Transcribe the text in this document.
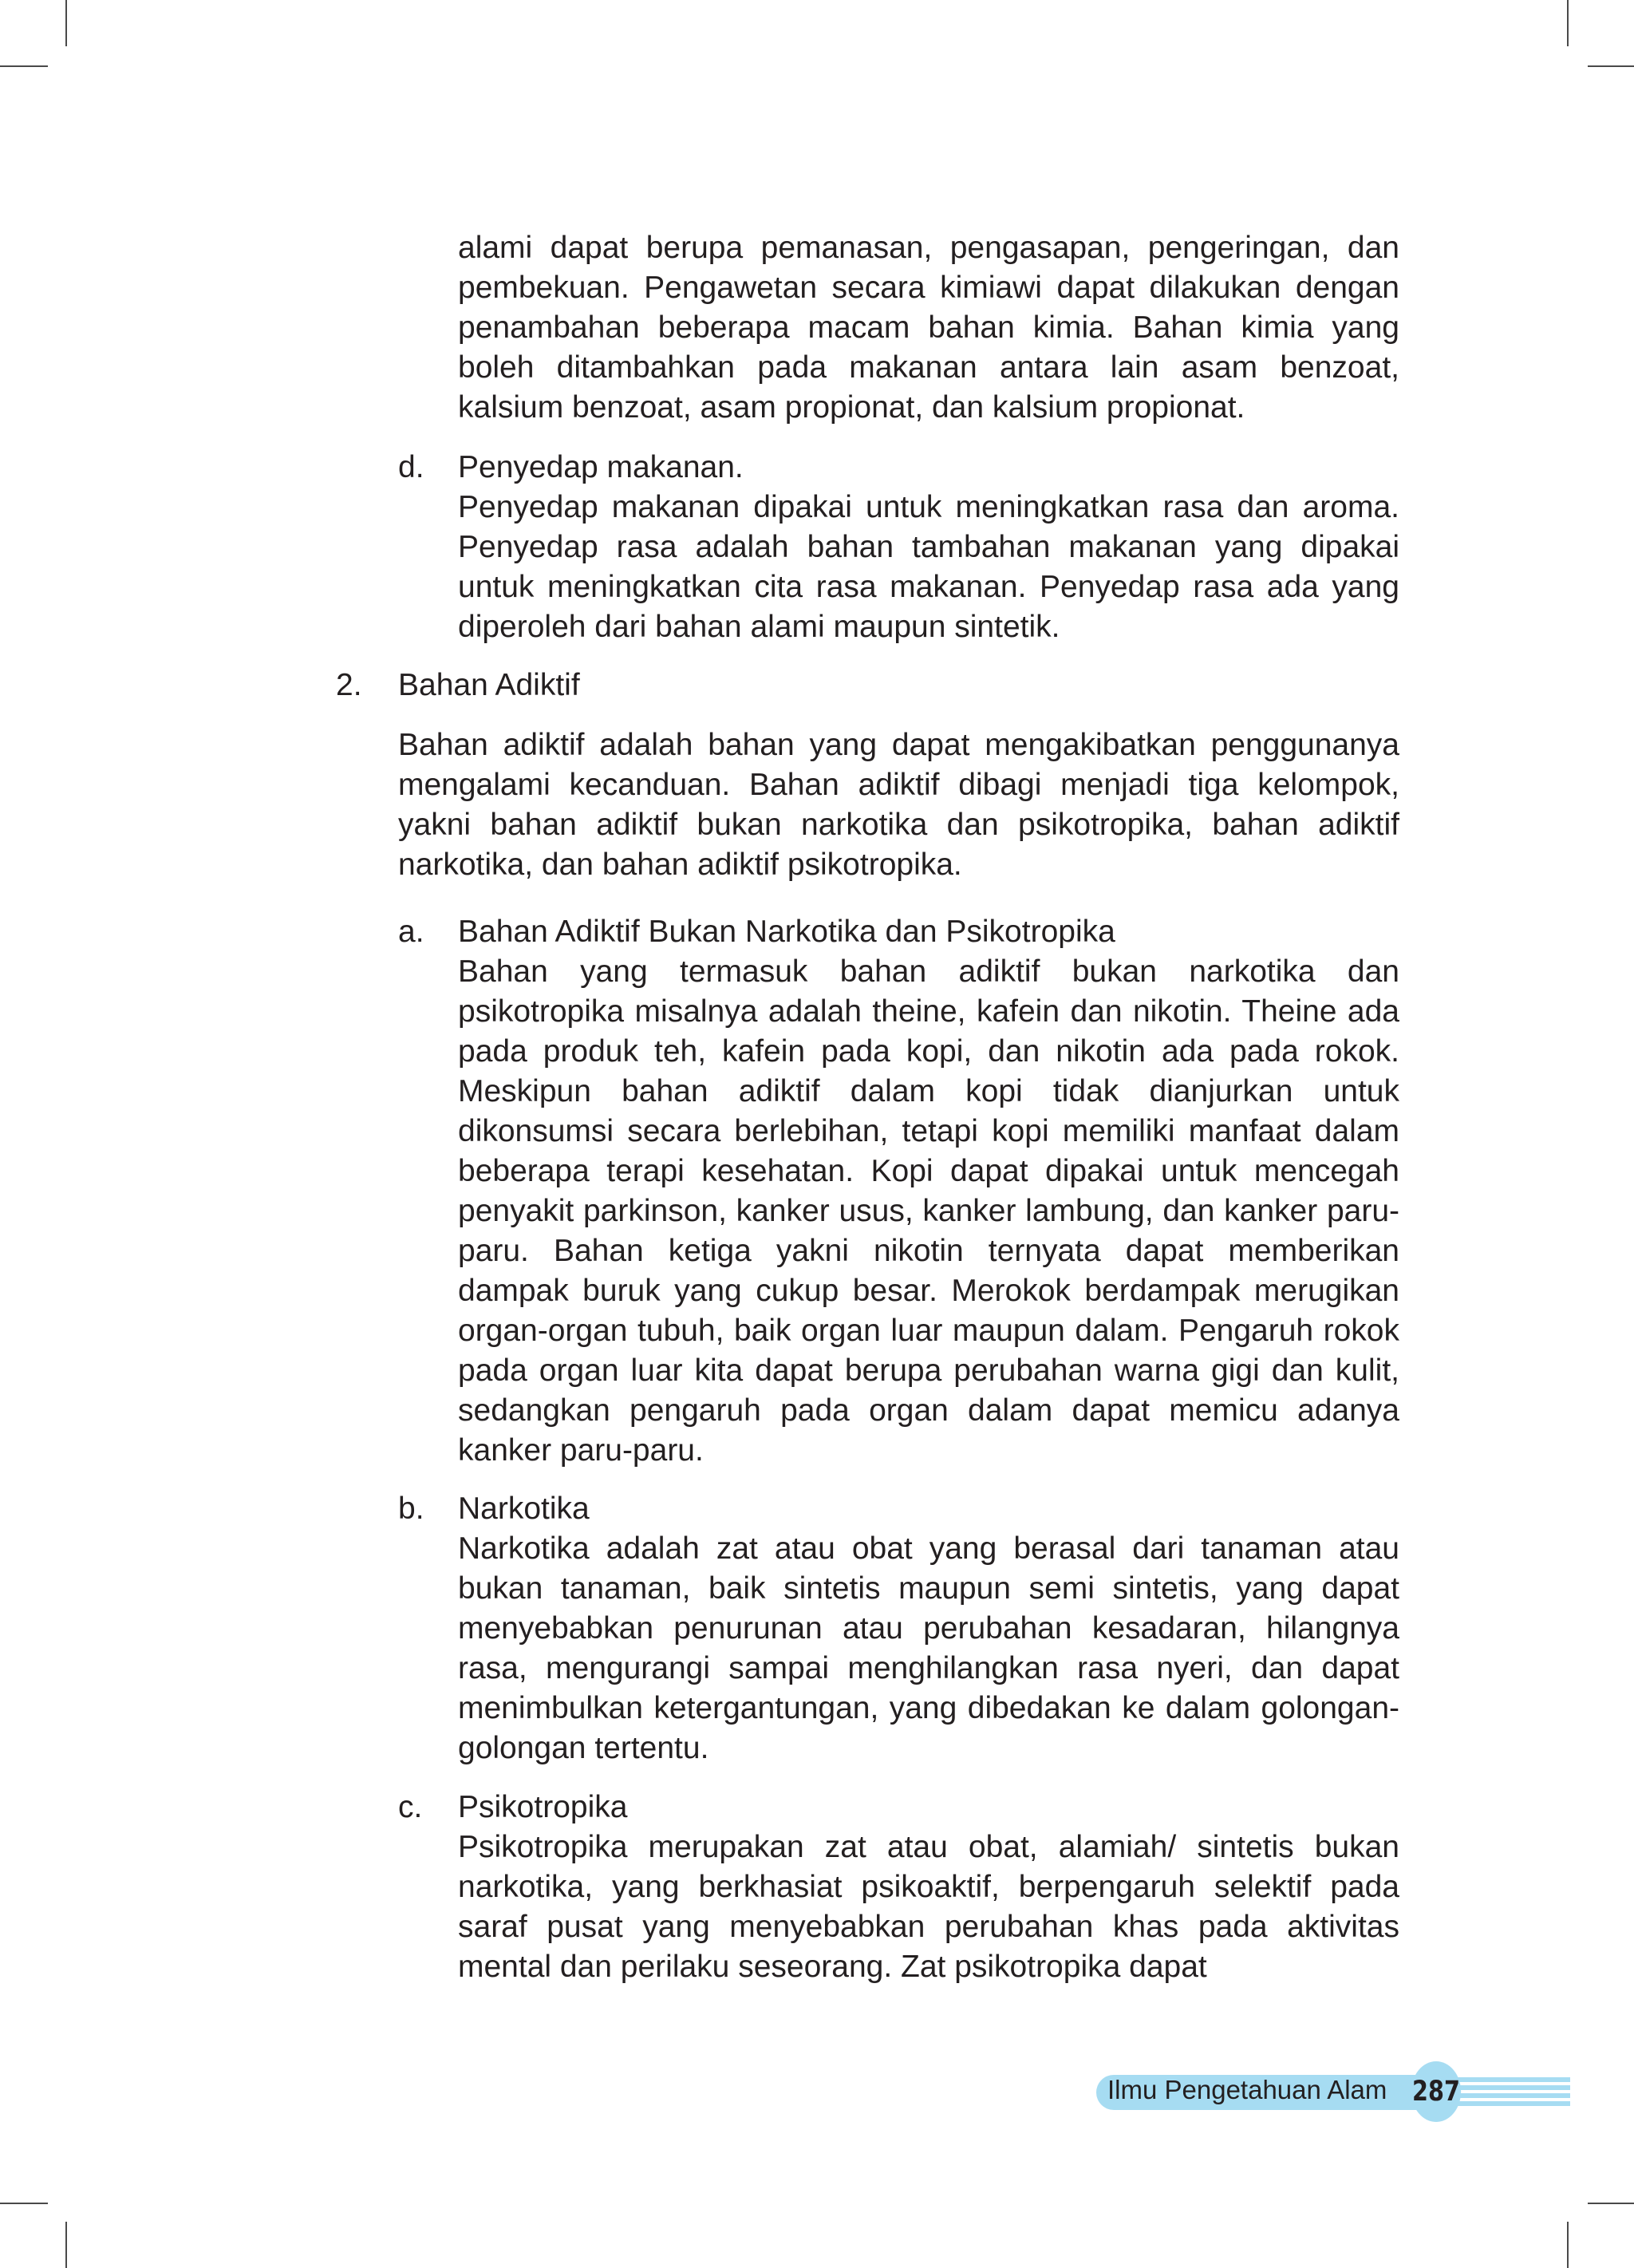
alami dapat berupa pemanasan, pengasapan, pengeringan, dan pembekuan. Pengawetan secara kimiawi dapat dilakukan dengan penambahan beberapa macam bahan kimia. Bahan kimia yang boleh ditambahkan pada makanan antara lain asam benzoat, kalsium benzoat, asam propionat, dan kalsium propionat.

d. Penyedap makanan.

Penyedap makanan dipakai untuk meningkatkan rasa dan aroma. Penyedap rasa adalah bahan tambahan makanan yang dipakai untuk meningkatkan cita rasa makanan. Penyedap rasa ada yang diperoleh dari bahan alami maupun sintetik.

2. Bahan Adiktif

Bahan adiktif adalah bahan yang dapat mengakibatkan penggunanya mengalami kecanduan. Bahan adiktif dibagi menjadi tiga kelompok, yakni bahan adiktif bukan narkotika dan psikotropika, bahan adiktif narkotika, dan bahan adiktif psikotropika.

a. Bahan Adiktif Bukan Narkotika dan Psikotropika

Bahan yang termasuk bahan adiktif bukan narkotika dan psikotropika misalnya adalah theine, kafein dan nikotin. Theine ada pada produk teh, kafein pada kopi, dan nikotin ada pada rokok. Meskipun bahan adiktif dalam kopi tidak dianjurkan untuk dikonsumsi secara berlebihan, tetapi kopi memiliki manfaat dalam beberapa terapi kesehatan. Kopi dapat dipakai untuk mencegah penyakit parkinson, kanker usus, kanker lambung, dan kanker paru-paru. Bahan ketiga yakni nikotin ternyata dapat memberikan dampak buruk yang cukup besar. Merokok berdampak merugikan organ-organ tubuh, baik organ luar maupun dalam. Pengaruh rokok pada organ luar kita dapat berupa perubahan warna gigi dan kulit, sedangkan pengaruh pada organ dalam dapat memicu adanya kanker paru-paru.

b. Narkotika

Narkotika adalah zat atau obat yang berasal dari tanaman atau bukan tanaman, baik sintetis maupun semi sintetis, yang dapat menyebabkan penurunan atau perubahan kesadaran, hilangnya rasa, mengurangi sampai menghilangkan rasa nyeri, dan dapat menimbulkan ketergantungan, yang dibedakan ke dalam golongan-golongan tertentu.

c. Psikotropika

Psikotropika merupakan zat atau obat, alamiah/ sintetis bukan narkotika, yang berkhasiat psikoaktif, berpengaruh selektif pada saraf pusat yang menyebabkan perubahan khas pada aktivitas mental dan perilaku seseorang. Zat psikotropika dapat

Ilmu Pengetahuan Alam 287
